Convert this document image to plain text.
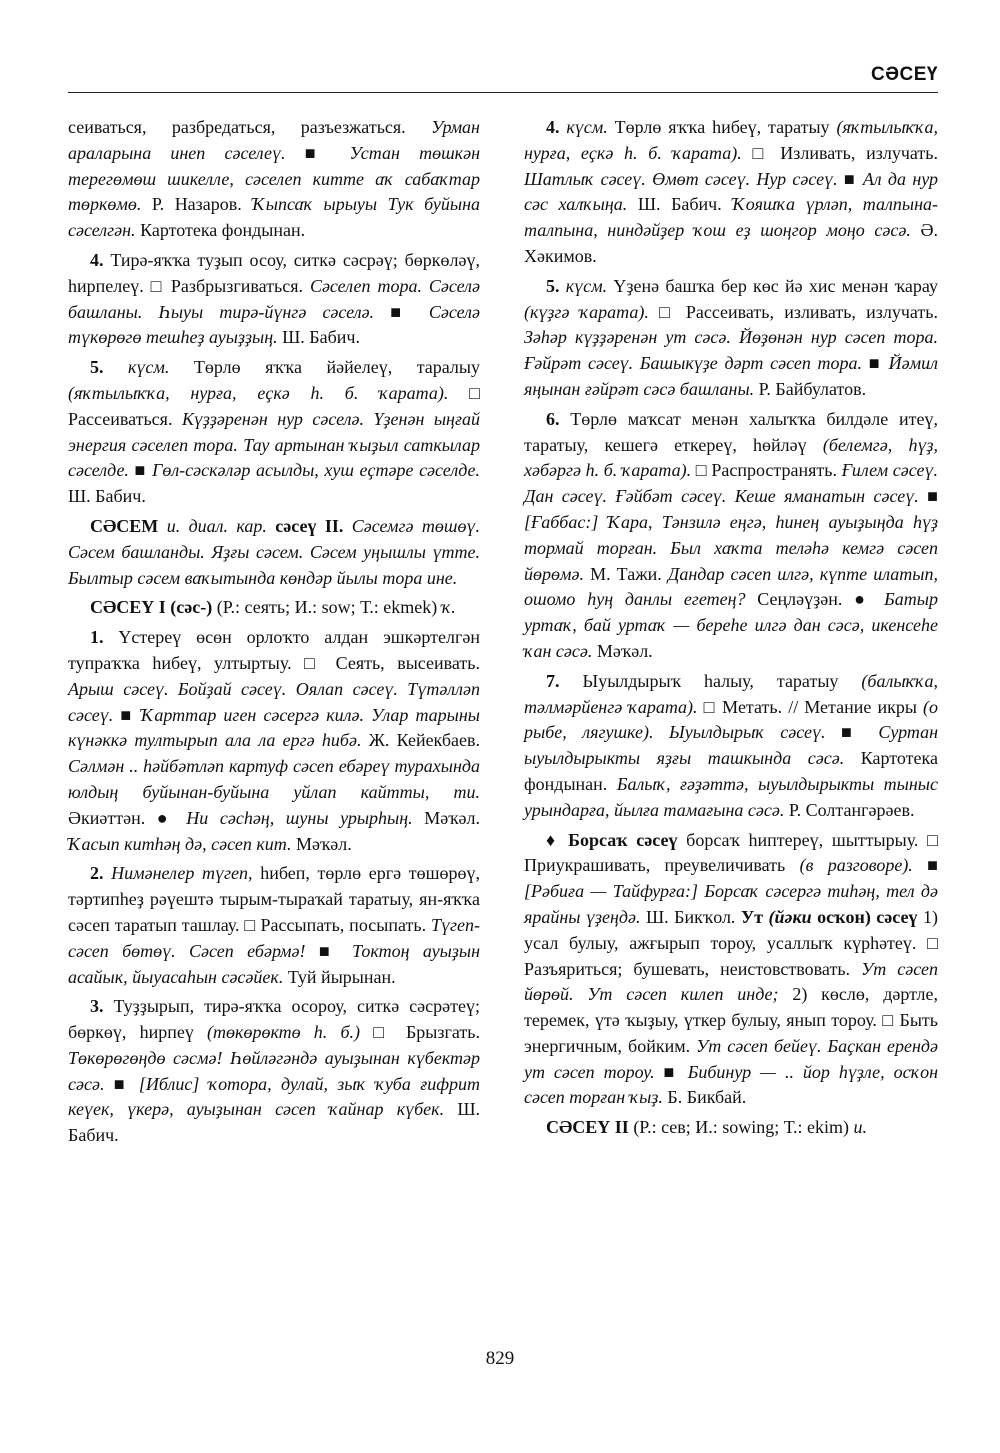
СӘСЕҮ

сеиваться, разбредаться, разъезжаться. Урман араларына инеп сәселеү. ■ Устан төшкән терегөмөш шикелле, сәселеп китте аҡ сабаҡтар төркөмө. Р. Назаров. Ҡыпсаҡ ырыуы Тук буйына сәселгән. Картотека фондынан.

4. Тирә-яҡҡа туҙып осоу, ситкә сәсрәү; бөркөләү, һирпелеү. □ Разбрызгиваться. Сәселеп тора. Сәселә башланы. Һыуы тирә-йүнгә сәселә. ■ Сәселә түкөрөгө тешһеҙ ауыҙҙың. Ш. Бабич.

5. күсм. Төрлө яҡҡа йәйелеү, таралыу (яҡтылыҡҡа, нурға, еҫкә һ. б. ҡарата). □ Рассеиваться. Күҙҙәренән нур сәселә. Үҙенән ыңғай энергия сәселеп тора. Тау артынан ҡыҙыл саткылар сәселде. ■ Гөл-сәскәләр асылды, хуш еҫтәре сәселде. Ш. Бабич.

СӘСЕМ и. диал. кар. сәсеү II. Сәсемгә төшөү. Сәсем башланды. Яҙғы сәсем. Сәсем уңышлы үтте. Былтыр сәсем ваҡытында көндәр йылы тора ине.

СӘСЕҮ I (сәс-) (Р.: сеять; И.: sow; Т.: ekmek) ҡ.

1. Үстереү өсөн орлоҡто алдан эшкәртелгән тупраҡҡа һибеү, ултыртыу. □ Сеять, высеивать. Арыш сәсеү. Бойҙай сәсеү. Оялап сәсеү. Түтәлләп сәсеү. ■ Ҡарттар иген сәсергә килә. Улар тарыны күнәккә тултырып ала ла ергә һибә. Ж. Кейекбаев. Сәлмән .. һәйбәтләп картуф сәсеп ебәреү турахында юлдың буйынан-буйына уйлап кайтты, ти. Әкиәттән. ● Ни сәсһәң, шуны урырһың. Мәҡәл. Ҡасып китһәң дә, сәсеп кит. Мәҡәл.

2. Нимәнелер түгеп, һибеп, төрлө ергә төшөрөү, тәртипһеҙ рәүештә тырым-тыраҡай таратыу, ян-яҡҡа сәсеп таратып ташлау. □ Рассыпать, посыпать. Түгеп-сәсеп бөтөү. Сәсеп ебәрмә! ■ Токтоң ауыҙын асайык, йыуасаһын сәсәйек. Туй йырынан.

3. Туҙҙырып, тирә-яҡҡа осороу, ситкә сәсрәтеү; бөркөү, һирпеү (төкөрөктө һ. б.) □ Брызгать. Төкөрөгөңдө сәсмә! Һөйләгәндә ауыҙынан күбектәр сәсә. ■ [Иблис] ҡотора, дулай, зыҡ ҡуба ғифрит кеүек, үкерә, ауыҙынан сәсеп ҡайнар күбек. Ш. Бабич.

4. күсм. Төрлө яҡҡа һибеү, таратыу (яҡтылыҡҡа, нурға, еҫкә һ. б. ҡарата). □ Изливать, излучать. Шатлыҡ сәсеү. Өмөт сәсеү. Нур сәсеү. ■ Ал да нур сәс халҡыңа. Ш. Бабич. Ҡояшҡа үрләп, талпына-талпына, ниндәйҙер ҡош еҙ шоңгор моңо сәсә. Ә. Хәкимов.

5. күсм. Үҙенә башҡа бер көс йә хис менән ҡарау (күҙгә ҡарата). □ Рассеивать, изливать, излучать. Зәһәр күҙҙәренән ут сәсә. Йөҙөнән нур сәсеп тора. Ғәйрәт сәсеү. Башыкүҙе дәрт сәсеп тора. ■ Йәмил яңынан ғәйрәт сәсә башланы. Р. Байбулатов.

6. Төрлө маҡсат менән халыҡҡа билдәле итеү, таратыу, кешегә еткереү, һөйләү (белемгә, һүҙ, хәбәргә һ. б. ҡарата). □ Распространять. Ғилем сәсеү. Дан сәсеү. Ғәйбәт сәсеү. Кеше яманатын сәсеү. ■ [Ғаббас:] Ҡара, Тәнзилә еңгә, һинең ауыҙыңда һүҙ тормай торған. Был хаҡта теләһә кемгә сәсеп йөрөмә. М. Тажи. Дандар сәсеп илгә, күпте илатып, ошомо һуң данлы егетең? Сеңләүҙән. ● Батыр уртаҡ, бай уртаҡ — береһе илгә дан сәсә, икенсеһе ҡан сәсә. Мәҡәл.

7. Ыуылдырыҡ һалыу, таратыу (балыҡҡа, тәлмәрйенгә ҡарата). □ Метать. // Метание икры (о рыбе, лягушке). Ыуылдырыҡ сәсеү. ■ Суртан ыуылдырыкты яҙғы ташкында сәсә. Картотека фондынан. Балыҡ, ғәҙәттә, ыуылдырыкты тыныс урындарға, йылға тамағына сәсә. Р. Солтангәрәев.

♦ Борсаҡ сәсеү борсаҡ һиптереү, шыттырыу. □ Приукрашивать, преувеличивать (в разговоре). ■ [Рәбиға — Тайфурға:] Борсаҡ сәсергә тиһәң, тел дә ярайны үҙеңдә. Ш. Бикҡол. Ут (йәки осҡон) сәсеү 1) усал булыу, ажғырып тороу, усаллыҡ күрһәтеү. □ Разъяриться; бушевать, неистовствовать. Ут сәсеп йөрөй. Ут сәсеп килеп инде; 2) көслө, дәртле, теремек, үтә ҡыҙыу, үткер булыу, янып тороу. □ Быть энергичным, бойким. Ут сәсеп бейеү. Баҫкан ерендә ут сәсеп тороу. ■ Бибинур — .. йор һүҙле, осҡон сәсеп торған ҡыҙ. Б. Бикбай.

СӘСЕҮ II (Р.: сев; И.: sowing; Т.: ekim) и.

829
